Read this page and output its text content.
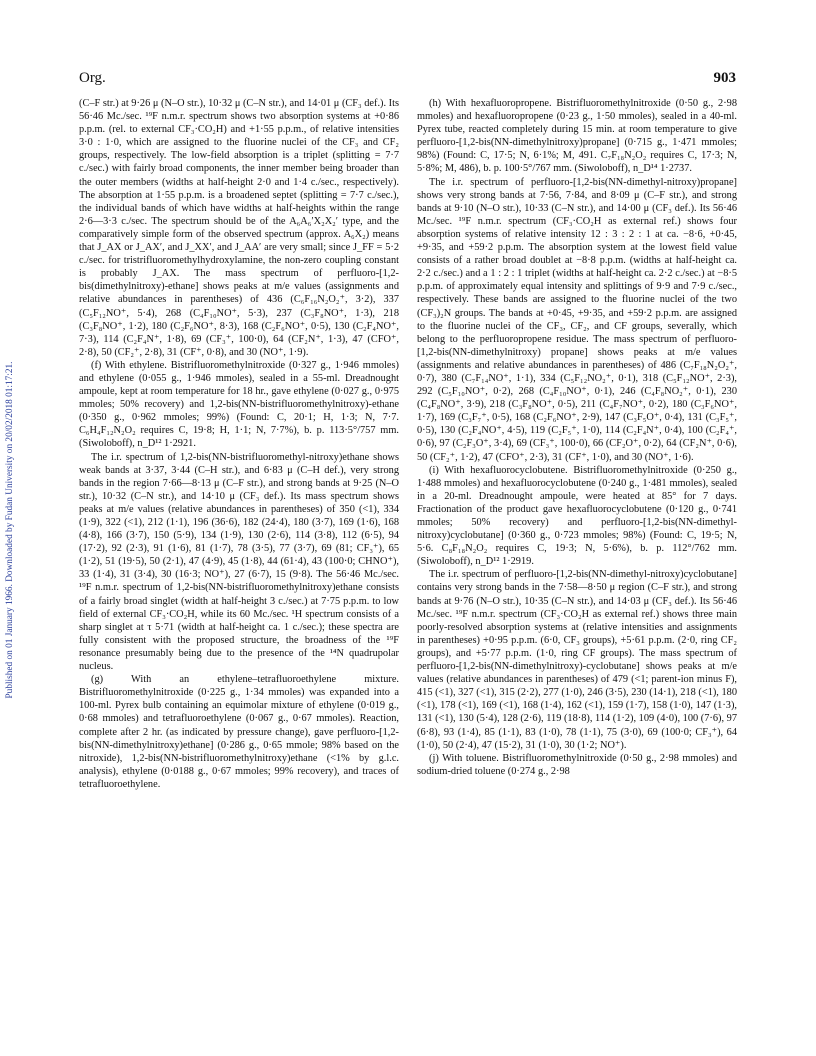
Org.	903
Published on 01 January 1966. Downloaded by Fudan University on 20/02/2018 01:17:21.

(C–F str.) at 9·26 μ (N–O str.), 10·32 μ (C–N str.), and 14·01 μ (CF₃ def.). Its 56·46 Mc./sec. ¹⁹F n.m.r. spectrum shows two absorption systems at +0·86 p.p.m. (rel. to external CF₃·CO₂H) and +1·55 p.p.m., of relative intensities 3·0 : 1·0, which are assigned to the fluorine nuclei of the CF₃ and CF₂ groups, respectively. The low-field absorption is a triplet (splitting = 7·7 c./sec.) with fairly broad components, the inner member being broader than the outer members (widths at half-height 2·0 and 1·4 c./sec., respectively). The absorption at 1·55 p.p.m. is a broadened septet (splitting = 7·7 c./sec.), the individual bands of which have widths at half-heights within the range 2·6—3·3 c./sec. The spectrum should be of the A₆A₆′X₂X₂′ type, and the comparatively simple form of the observed spectrum (approx. A₆X₂) means that J_AX or J_AX′, and J_XX′, and J_AA′ are very small; since J_FF = 5·2 c./sec. for tristrifluoromethylhydroxylamine, the non-zero coupling constant is probably J_AX. The mass spectrum of perfluoro-[1,2-bis(dimethylnitroxy)-ethane] shows peaks at m/e values (assignments and relative abundances in parentheses) of 436 (C₆F₁₆N₂O₂⁺, 3·2), 337 (C₅F₁₂NO⁺, 5·4), 268 (C₄F₁₀NO⁺, 5·3), 237 (C₃F₈NO⁺, 1·3), 218 (C₃F₈NO⁺, 1·2), 180 (C₂F₆NO⁺, 8·3), 168 (C₂F₆NO⁺, 0·5), 130 (C₂F₄NO⁺, 7·3), 114 (C₂F₄N⁺, 1·8), 69 (CF₃⁺, 100·0), 64 (CF₂N⁺, 1·3), 47 (CFO⁺, 2·8), 50 (CF₂⁺, 2·8), 31 (CF⁺, 0·8), and 30 (NO⁺, 1·9).

(f) With ethylene. Bistrifluoromethylnitroxide (0·327 g., 1·946 mmoles) and ethylene (0·055 g., 1·946 mmoles), sealed in a 55-ml. Dreadnought ampoule, kept at room temperature for 18 hr., gave ethylene (0·027 g., 0·975 mmoles; 50% recovery) and 1,2-bis(NN-bistrifluoromethylnitroxy)-ethane (0·350 g., 0·962 mmoles; 99%) (Found: C, 20·1; H, 1·3; N, 7·7. C₆H₄F₁₂N₂O₂ requires C, 19·8; H, 1·1; N, 7·7%), b. p. 113·5°/757 mm. (Siwoloboff), n_D¹² 1·2921.

The i.r. spectrum of 1,2-bis(NN-bistrifluoromethyl-nitroxy)ethane shows weak bands at 3·37, 3·44 (C–H str.), and 6·83 μ (C–H def.), very strong bands in the region 7·66—8·13 μ (C–F str.), and strong bands at 9·25 (N–O str.), 10·32 (C–N str.), and 14·10 μ (CF₃ def.). Its mass spectrum shows peaks at m/e values (relative abundances in parentheses) of 350 (<1), 334 (1·9), 322 (<1), 212 (1·1), 196 (36·6), 182 (24·4), 180 (3·7), 169 (1·6), 168 (4·8), 166 (3·7), 150 (5·9), 134 (1·9), 130 (2·6), 114 (3·8), 112 (6·5), 94 (17·2), 92 (2·3), 91 (1·6), 81 (1·7), 78 (3·5), 77 (3·7), 69 (81; CF₃⁺), 65 (1·2), 51 (19·5), 50 (2·1), 47 (4·9), 45 (1·8), 44 (61·4), 43 (100·0; CHNO⁺), 33 (1·4), 31 (3·4), 30 (16·3; NO⁺), 27 (6·7), 15 (9·8). The 56·46 Mc./sec. ¹⁹F n.m.r. spectrum of 1,2-bis(NN-bistrifluoromethylnitroxy)ethane consists of a fairly broad singlet (width at half-height 3 c./sec.) at 7·75 p.p.m. to low field of external CF₃·CO₂H, while its 60 Mc./sec. ¹H spectrum consists of a sharp singlet at τ 5·71 (width at half-height ca. 1 c./sec.); these spectra are fully consistent with the proposed structure, the broadness of the ¹⁹F resonance presumably being due to the presence of the ¹⁴N quadrupolar nucleus.

(g) With an ethylene–tetrafluoroethylene mixture. Bistrifluoromethylnitroxide (0·225 g., 1·34 mmoles) was expanded into a 100-ml. Pyrex bulb containing an equimolar mixture of ethylene (0·019 g., 0·68 mmoles) and tetrafluoroethylene (0·067 g., 0·67 mmoles). Reaction, complete after 2 hr. (as indicated by pressure change), gave perfluoro-[1,2-bis(NN-dimethylnitroxy)ethane] (0·286 g., 0·65 mmole; 98% based on the nitroxide), 1,2-bis(NN-bistrifluoromethylnitroxy)ethane (<1% by g.l.c. analysis), ethylene (0·0188 g., 0·67 mmoles; 99% recovery), and traces of tetrafluoroethylene.

(h) With hexafluoropropene. Bistrifluoromethylnitroxide (0·50 g., 2·98 mmoles) and hexafluoropropene (0·23 g., 1·50 mmoles), sealed in a 40-ml. Pyrex tube, reacted completely during 15 min. at room temperature to give perfluoro-[1,2-bis(NN-dimethylnitroxy)propane] (0·715 g., 1·471 mmoles; 98%) (Found: C, 17·5; N, 6·1%; M, 491. C₇F₁₈N₂O₂ requires C, 17·3; N, 5·8%; M, 486), b. p. 100·5°/767 mm. (Siwoloboff), n_D¹⁴ 1·2737.

The i.r. spectrum of perfluoro-[1,2-bis(NN-dimethyl-nitroxy)propane] shows very strong bands at 7·56, 7·84, and 8·09 μ (C–F str.), and strong bands at 9·10 (N–O str.), 10·33 (C–N str.), and 14·00 μ (CF₃ def.). Its 56·46 Mc./sec. ¹⁹F n.m.r. spectrum (CF₃·CO₂H as external ref.) shows four absorption systems of relative intensity 12 : 3 : 2 : 1 at ca. −8·6, +0·45, +9·35, and +59·2 p.p.m. The absorption system at the lowest field value consists of a rather broad doublet at −8·8 p.p.m. (widths at half-height ca. 2·2 c./sec.) and a 1 : 2 : 1 triplet (widths at half-height ca. 2·2 c./sec.) at −8·5 p.p.m. of approximately equal intensity and splittings of 9·9 and 7·9 c./sec., respectively. These bands are assigned to the fluorine nuclei of the two (CF₃)₂N groups. The bands at +0·45, +9·35, and +59·2 p.p.m. are assigned to the fluorine nuclei of the CF₃, CF₂, and CF groups, severally, which belong to the perfluoropropene residue. The mass spectrum of perfluoro-[1,2-bis(NN-dimethylnitroxy) propane] shows peaks at m/e values (assignments and relative abundances in parentheses) of 486 (C₇F₁₈N₂O₂⁺, 0·7), 380 (C₇F₁₄NO⁺, 1·1), 334 (C₅F₁₂NO₂⁺, 0·1), 318 (C₅F₁₂NO⁺, 2·3), 292 (C₅F₁₀NO⁺, 0·2), 268 (C₄F₁₀NO⁺, 0·1), 246 (C₄F₈NO₂⁺, 0·1), 230 (C₄F₈NO⁺, 3·9), 218 (C₃F₈NO⁺, 0·5), 211 (C₄F₇NO⁺, 0·2), 180 (C₃F₆NO⁺, 1·7), 169 (C₃F₇⁺, 0·5), 168 (C₂F₆NO⁺, 2·9), 147 (C₃F₅O⁺, 0·4), 131 (C₃F₅⁺, 0·5), 130 (C₂F₄NO⁺, 4·5), 119 (C₂F₅⁺, 1·0), 114 (C₂F₄N⁺, 0·4), 100 (C₂F₄⁺, 0·6), 97 (C₂F₃O⁺, 3·4), 69 (CF₃⁺, 100·0), 66 (CF₂O⁺, 0·2), 64 (CF₂N⁺, 0·6), 50 (CF₂⁺, 1·2), 47 (CFO⁺, 2·3), 31 (CF⁺, 1·0), and 30 (NO⁺, 1·6).

(i) With hexafluorocyclobutene. Bistrifluoromethylnitroxide (0·250 g., 1·488 mmoles) and hexafluorocyclobutene (0·240 g., 1·481 mmoles), sealed in a 20-ml. Dreadnought ampoule, were heated at 85° for 7 days. Fractionation of the product gave hexafluorocyclobutene (0·120 g., 0·741 mmoles; 50% recovery) and perfluoro-[1,2-bis(NN-dimethyl-nitroxy)cyclobutane] (0·360 g., 0·723 mmoles; 98%) (Found: C, 19·5; N, 5·6. C₈F₁₈N₂O₂ requires C, 19·3; N, 5·6%), b. p. 112°/762 mm. (Siwoloboff), n_D¹² 1·2919.

The i.r. spectrum of perfluoro-[1,2-bis(NN-dimethyl-nitroxy)cyclobutane] contains very strong bands in the 7·58—8·50 μ region (C–F str.), and strong bands at 9·76 (N–O str.), 10·35 (C–N str.), and 14·03 μ (CF₃ def.). Its 56·46 Mc./sec. ¹⁹F n.m.r. spectrum (CF₃·CO₂H as external ref.) shows three main poorly-resolved absorption systems at (relative intensities and assignments in parentheses) +0·95 p.p.m. (6·0, CF₃ groups), +5·61 p.p.m. (2·0, ring CF₂ groups), and +5·77 p.p.m. (1·0, ring CF groups). The mass spectrum of perfluoro-[1,2-bis(NN-dimethylnitroxy)-cyclobutane] shows peaks at m/e values (relative abundances in parentheses) of 479 (<1; parent-ion minus F), 415 (<1), 327 (<1), 315 (2·2), 277 (1·0), 246 (3·5), 230 (14·1), 218 (<1), 180 (<1), 178 (<1), 169 (<1), 168 (1·4), 162 (<1), 159 (1·7), 158 (1·0), 147 (1·3), 131 (<1), 130 (5·4), 128 (2·6), 119 (18·8), 114 (1·2), 109 (4·0), 100 (7·6), 97 (6·8), 93 (1·4), 85 (1·1), 83 (1·0), 78 (1·1), 75 (3·0), 69 (100·0; CF₃⁺), 64 (1·0), 50 (2·4), 47 (15·2), 31 (1·0), 30 (1·2; NO⁺).

(j) With toluene. Bistrifluoromethylnitroxide (0·50 g., 2·98 mmoles) and sodium-dried toluene (0·274 g., 2·98
